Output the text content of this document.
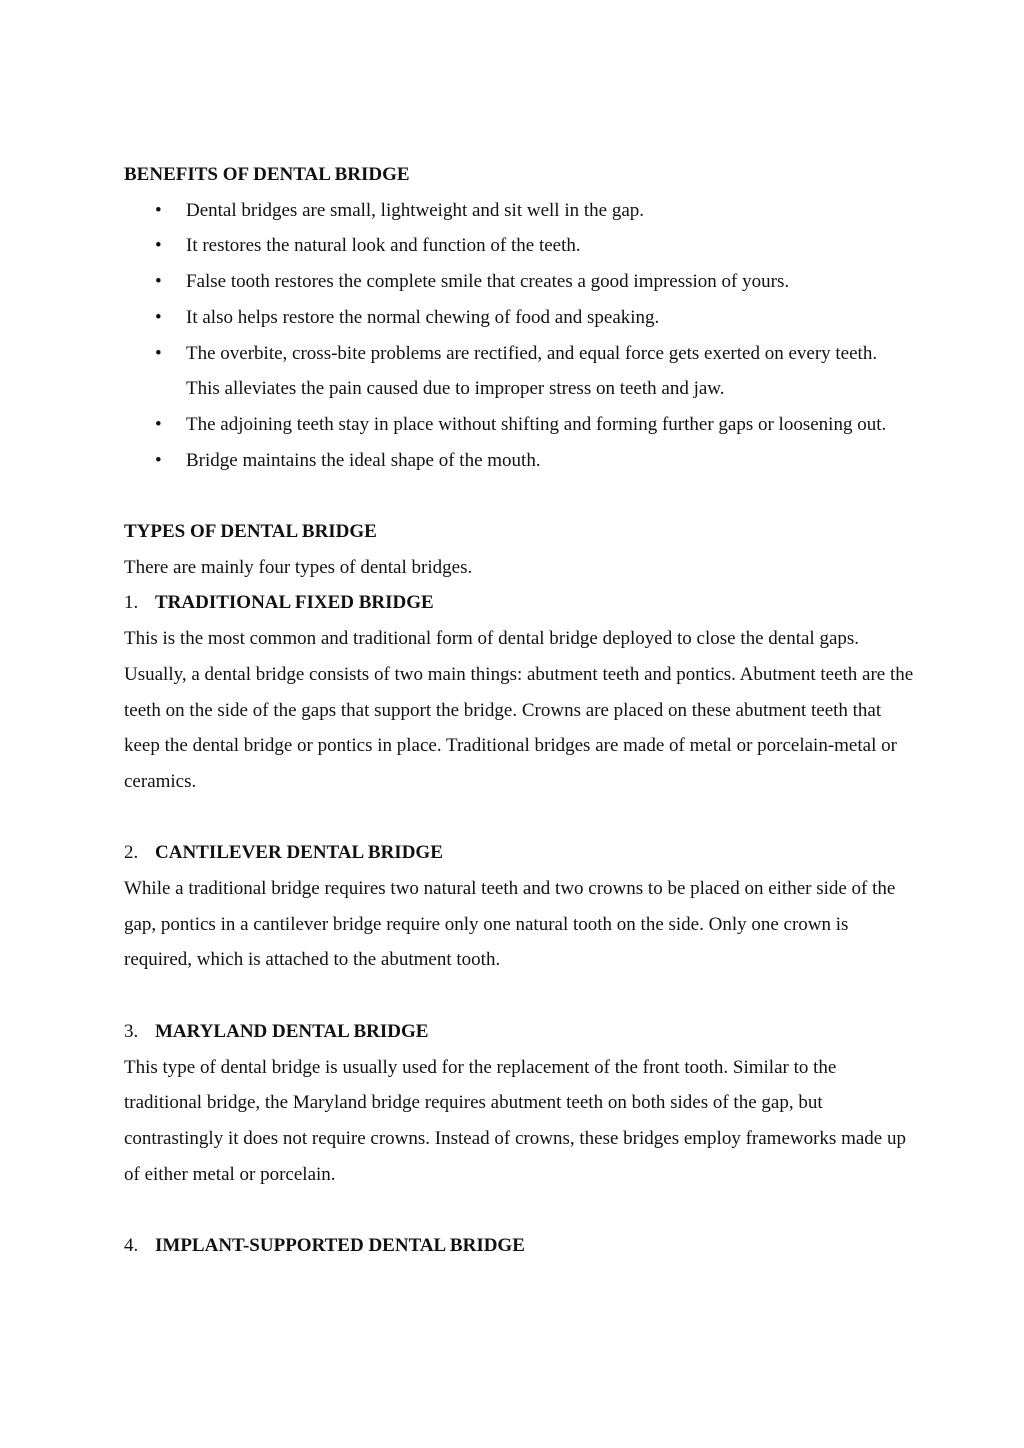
BENEFITS OF DENTAL BRIDGE

• Dental bridges are small, lightweight and sit well in the gap.
• It restores the natural look and function of the teeth.
• False tooth restores the complete smile that creates a good impression of yours.
• It also helps restore the normal chewing of food and speaking.
• The overbite, cross-bite problems are rectified, and equal force gets exerted on every teeth. This alleviates the pain caused due to improper stress on teeth and jaw.
• The adjoining teeth stay in place without shifting and forming further gaps or loosening out.
• Bridge maintains the ideal shape of the mouth.

TYPES OF DENTAL BRIDGE

There are mainly four types of dental bridges.

1. TRADITIONAL FIXED BRIDGE

This is the most common and traditional form of dental bridge deployed to close the dental gaps. Usually, a dental bridge consists of two main things: abutment teeth and pontics. Abutment teeth are the teeth on the side of the gaps that support the bridge. Crowns are placed on these abutment teeth that keep the dental bridge or pontics in place. Traditional bridges are made of metal or porcelain-metal or ceramics.

2. CANTILEVER DENTAL BRIDGE

While a traditional bridge requires two natural teeth and two crowns to be placed on either side of the gap, pontics in a cantilever bridge require only one natural tooth on the side. Only one crown is required, which is attached to the abutment tooth.

3. MARYLAND DENTAL BRIDGE

This type of dental bridge is usually used for the replacement of the front tooth. Similar to the traditional bridge, the Maryland bridge requires abutment teeth on both sides of the gap, but contrastingly it does not require crowns. Instead of crowns, these bridges employ frameworks made up of either metal or porcelain.

4. IMPLANT-SUPPORTED DENTAL BRIDGE
